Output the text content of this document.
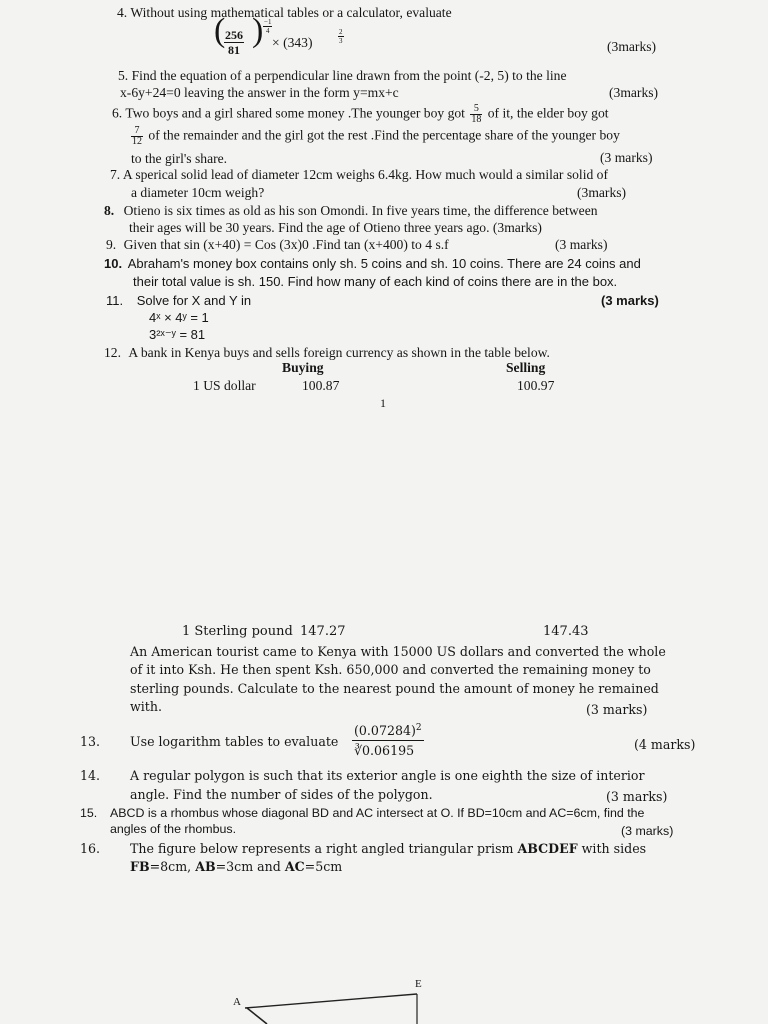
4. Without using mathematical tables or a calculator, evaluate
(
$\frac{256}{81}$ ) $\frac{-1}{4}$
× (343)	$\frac{2}{3}$
(3marks)
5. Find the equation of a perpendicular line drawn from the point (-2, 5) to the line
x-6y+24=0 leaving the answer in the form y=mx+c	(3marks)
6. Two boys and a girl shared some money .The younger boy got $\frac{5}{18}$ of it, the elder boy got
$\frac{7}{12}$ of the remainder and the girl got the rest .Find the percentage share of the younger boy
to the girl's share.	(3 marks)
7. A sperical solid lead of diameter 12cm weighs 6.4kg. How much would a similar solid of
a diameter 10cm weigh?	(3marks)
8. Otieno is six times as old as his son Omondi. In five years time, the difference between
their ages will be 30 years. Find the age of Otieno three years ago. (3marks)
9. Given that sin (x+40) = Cos (3x)0 .Find tan (x+400) to 4 s.f	(3 marks)
10. Abraham's money box contains only sh. 5 coins and sh. 10 coins. There are 24 coins and
their total value is sh. 150. Find how many of each kind of coins there are in the box.
11. Solve for X and Y in	(3 marks)
4ˣ × 4ʸ = 1
3²ˣ⁻ʸ = 81
12. A bank in Kenya buys and sells foreign currency as shown in the table below.
Buying	Selling
1 US dollar	100.87	100.97
1
1 Sterling pound 147.27	147.43
An American tourist came to Kenya with 15000 US dollars and converted the whole
of it into Ksh. He then spent Ksh. 650,000 and converted the remaining money to
sterling pounds. Calculate to the nearest pound the amount of money he remained
with.	(3 marks)
13. Use logarithm tables to evaluate
$(0.07284)^2$
∛0.06195	(4 marks)
14. A regular polygon is such that its exterior angle is one eighth the size of interior
angle. Find the number of sides of the polygon.	(3 marks)
15. ABCD is a rhombus whose diagonal BD and AC intersect at O. If BD=10cm and AC=6cm, find the
angles of the rhombus.	(3 marks)
16. The figure below represents a right angled triangular prism ABCDEF with sides
FB=8cm, AB=3cm and AC=5cm
A
E
